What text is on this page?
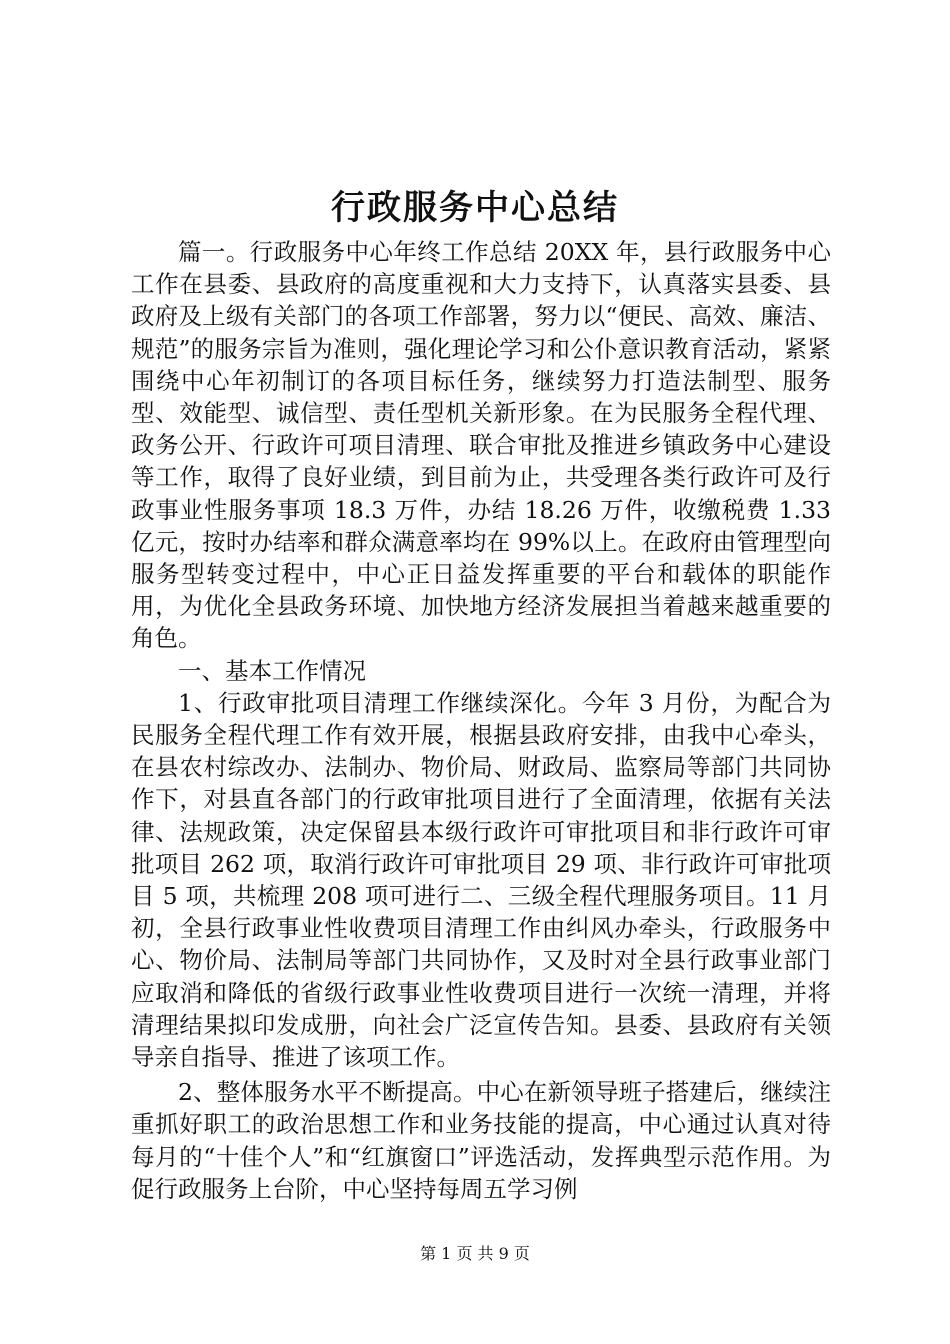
行政服务中心总结

篇一。行政服务中心年终工作总结 20XX 年，县行政服务中心工作在县委、县政府的高度重视和大力支持下，认真落实县委、县政府及上级有关部门的各项工作部署，努力以“便民、高效、廉洁、规范”的服务宗旨为准则，强化理论学习和公仆意识教育活动，紧紧围绕中心年初制订的各项目标任务，继续努力打造法制型、服务型、效能型、诚信型、责任型机关新形象。在为民服务全程代理、政务公开、行政许可项目清理、联合审批及推进乡镇政务中心建设等工作，取得了良好业绩，到目前为止，共受理各类行政许可及行政事业性服务事项 18.3 万件，办结 18.26 万件，收缴税费 1.33 亿元，按时办结率和群众满意率均在 99%以上。在政府由管理型向服务型转变过程中，中心正日益发挥重要的平台和载体的职能作用，为优化全县政务环境、加快地方经济发展担当着越来越重要的角色。

一、基本工作情况

1、行政审批项目清理工作继续深化。今年 3 月份，为配合为民服务全程代理工作有效开展，根据县政府安排，由我中心牵头，在县农村综改办、法制办、物价局、财政局、监察局等部门共同协作下，对县直各部门的行政审批项目进行了全面清理，依据有关法律、法规政策，决定保留县本级行政许可审批项目和非行政许可审批项目 262 项，取消行政许可审批项目 29 项、非行政许可审批项目 5 项，共梳理 208 项可进行二、三级全程代理服务项目。11 月初，全县行政事业性收费项目清理工作由纠风办牵头，行政服务中心、物价局、法制局等部门共同协作，又及时对全县行政事业部门应取消和降低的省级行政事业性收费项目进行一次统一清理，并将清理结果拟印发成册，向社会广泛宣传告知。县委、县政府有关领导亲自指导、推进了该项工作。

2、整体服务水平不断提高。中心在新领导班子搭建后，继续注重抓好职工的政治思想工作和业务技能的提高，中心通过认真对待每月的“十佳个人”和“红旗窗口”评选活动，发挥典型示范作用。为促行政服务上台阶，中心坚持每周五学习例

第 1 页 共 9 页
